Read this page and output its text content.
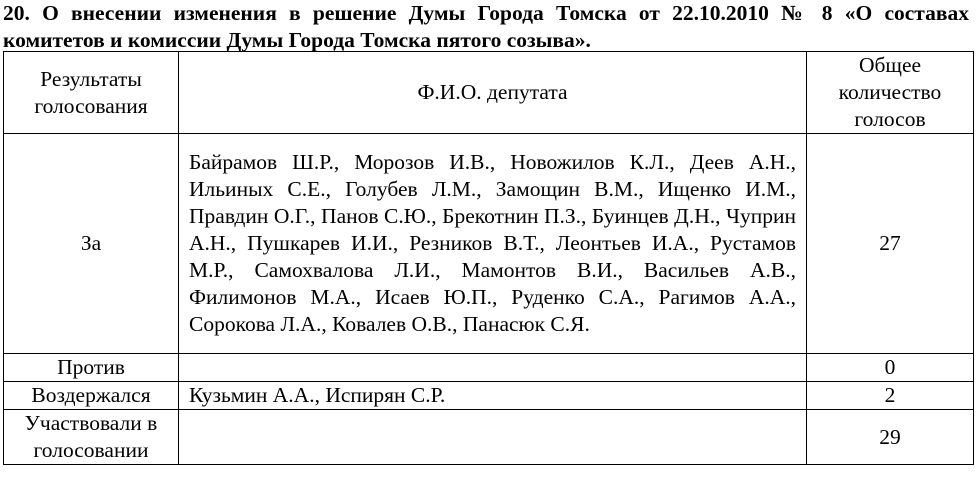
20. О внесении изменения в решение Думы Города Томска от 22.10.2010 № 8 «О составах комитетов и комиссии Думы Города Томска пятого созыва».
Результаты голосования	Ф.И.О. депутата	Общее количество голосов
За	Байрамов Ш.Р., Морозов И.В., Новожилов К.Л., Деев А.Н., Ильиных С.Е., Голубев Л.М., Замощин В.М., Ищенко И.М., Правдин О.Г., Панов С.Ю., Брекотнин П.З., Буинцев Д.Н., Чуприн А.Н., Пушкарев И.И., Резников В.Т., Леонтьев И.А., Рустамов М.Р., Самохвалова Л.И., Мамонтов В.И., Васильев А.В., Филимонов М.А., Исаев Ю.П., Руденко С.А., Рагимов А.А., Сорокова Л.А., Ковалев О.В., Панасюк С.Я.	27
Против		0
Воздержался	Кузьмин А.А., Испирян С.Р.	2
Участвовали в голосовании		29
